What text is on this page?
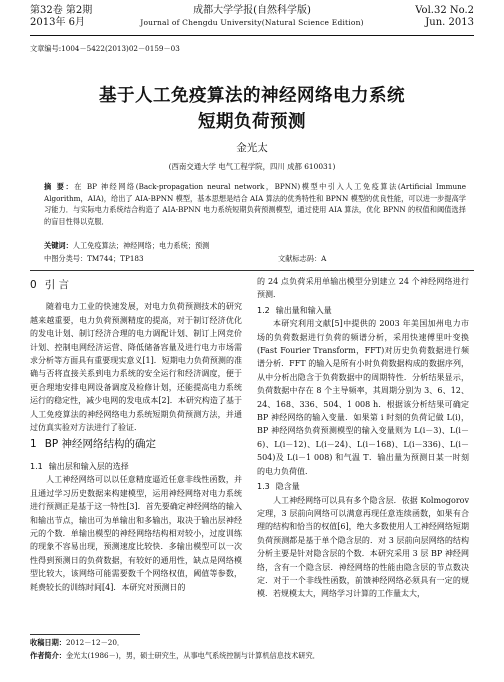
第32卷 第2期
2013年 6月
成都大学学报(自然科学版)
Journal of Chengdu University(Natural Science Edition)
Vol.32 No.2
Jun. 2013
文章编号:1004－5422(2013)02－0159－03
基于人工免疫算法的神经网络电力系统
短期负荷预测
金光太
(西南交通大学 电气工程学院，四川 成都 610031)
摘 要：在 BP 神经网络(Back-propagation neural network，BPNN)模型中引入人工免疫算法(Artificial Immune Algorithm，AIA)，给出了 AIA-BPNN 模型，基本思想是结合 AIA 算法的优秀特性和 BPNN 模型的优良性能，可以进一步提高学习能力．与实际电力系统结合构造了 AIA-BPNN 电力系统短期负荷预测模型，通过使用 AIA 算法，优化 BPNN 的权值和阈值选择的盲目性得以克服．
关键词：人工免疫算法；神经网络；电力系统；预测
中图分类号：TM744；TP183	文献标志码：A

0 引 言

随着电力工业的快速发展，对电力负荷预测技术的研究越来越重要，电力负荷预测精度的提高，对于制订经济优化的发电计划、制订经济合理的电力调配计划、制订上网竞价计划、控制电网经济运营、降低储备容量及进行电力市场需求分析等方面具有重要现实意义[1]．短期电力负荷预测的准确与否将直接关系到电力系统的安全运行和经济调度，便于更合理地安排电网设备调度及检修计划，还能提高电力系统运行的稳定性，减少电网的发电成本[2]．本研究构造了基于人工免疫算法的神经网络电力系统短期负荷预测方法，并通过仿真实验对方法进行了验证．

1 BP 神经网络结构的确定

1.1 输出层和输入层的选择

人工神经网络可以以任意精度逼近任意非线性函数，并且通过学习历史数据来构建模型，运用神经网络对电力系统进行预测正是基于这一特性[3]．首先要确定神经网络的输入和输出节点，输出可为单输出和多输出，取决于输出层神经元的个数．单输出模型的神经网络结构相对较小，过度训练的现象不容易出现，预测速度比较快．多输出模型可以一次性得到预测日的负荷数据，有较好的通用性，缺点是网络模型比较大，该网络可能需要数千个网络权值，阈值等参数，耗费较长的训练时间[4]．本研究对预测日的

的 24 点负荷采用单输出模型分别建立 24 个神经网络进行预测．

1.2 输出量和输入量

本研究利用文献[5]中提供的 2003 年美国加州电力市场的负荷数据进行负荷的频谱分析，采用快速傅里叶变换(Fast Fourier Transform，FFT)对历史负荷数据进行频谱分析．FFT 的输入是所有小时负荷数据构成的数据序列，从中分析出隐含于负荷数据中的周期特性．分析结果显示，负荷数据中存在 8 个主导频率，其周期分别为 3、6、12、24、168、336、504、1 008 h．根据该分析结果可确定 BP 神经网络的输入变量．如果第 i 时刻的负荷记做 L(i)，BP 神经网络负荷预测模型的输入变量则为 L(i－3)、L(i－6)、L(i－12)、L(i－24)、L(i－168)、L(i－336)、L(i－504)及 L(i－1 008) 和气温 T．输出量为预测日某一时刻的电力负荷值．

1.3 隐含量

人工神经网络可以具有多个隐含层．依据 Kolmogorov 定理，3 层前向网络可以满意再现任意连续函数，如果有合理的结构和恰当的权值[6]，绝大多数使用人工神经网络短期负荷预测都是基于单个隐含层的．对 3 层前向层网络的结构分析主要是针对隐含层的个数．本研究采用 3 层 BP 神经网络，含有一个隐含层．神经网络的性能由隐含层的节点数决定．对于一个非线性函数，前馈神经网络必须具有一定的规模．若规模太大，网络学习计算的工作量太大，

收稿日期：2012－12－20．
作者简介：金光太(1986－)，男，硕士研究生，从事电气系统控制与计算机信息技术研究．
